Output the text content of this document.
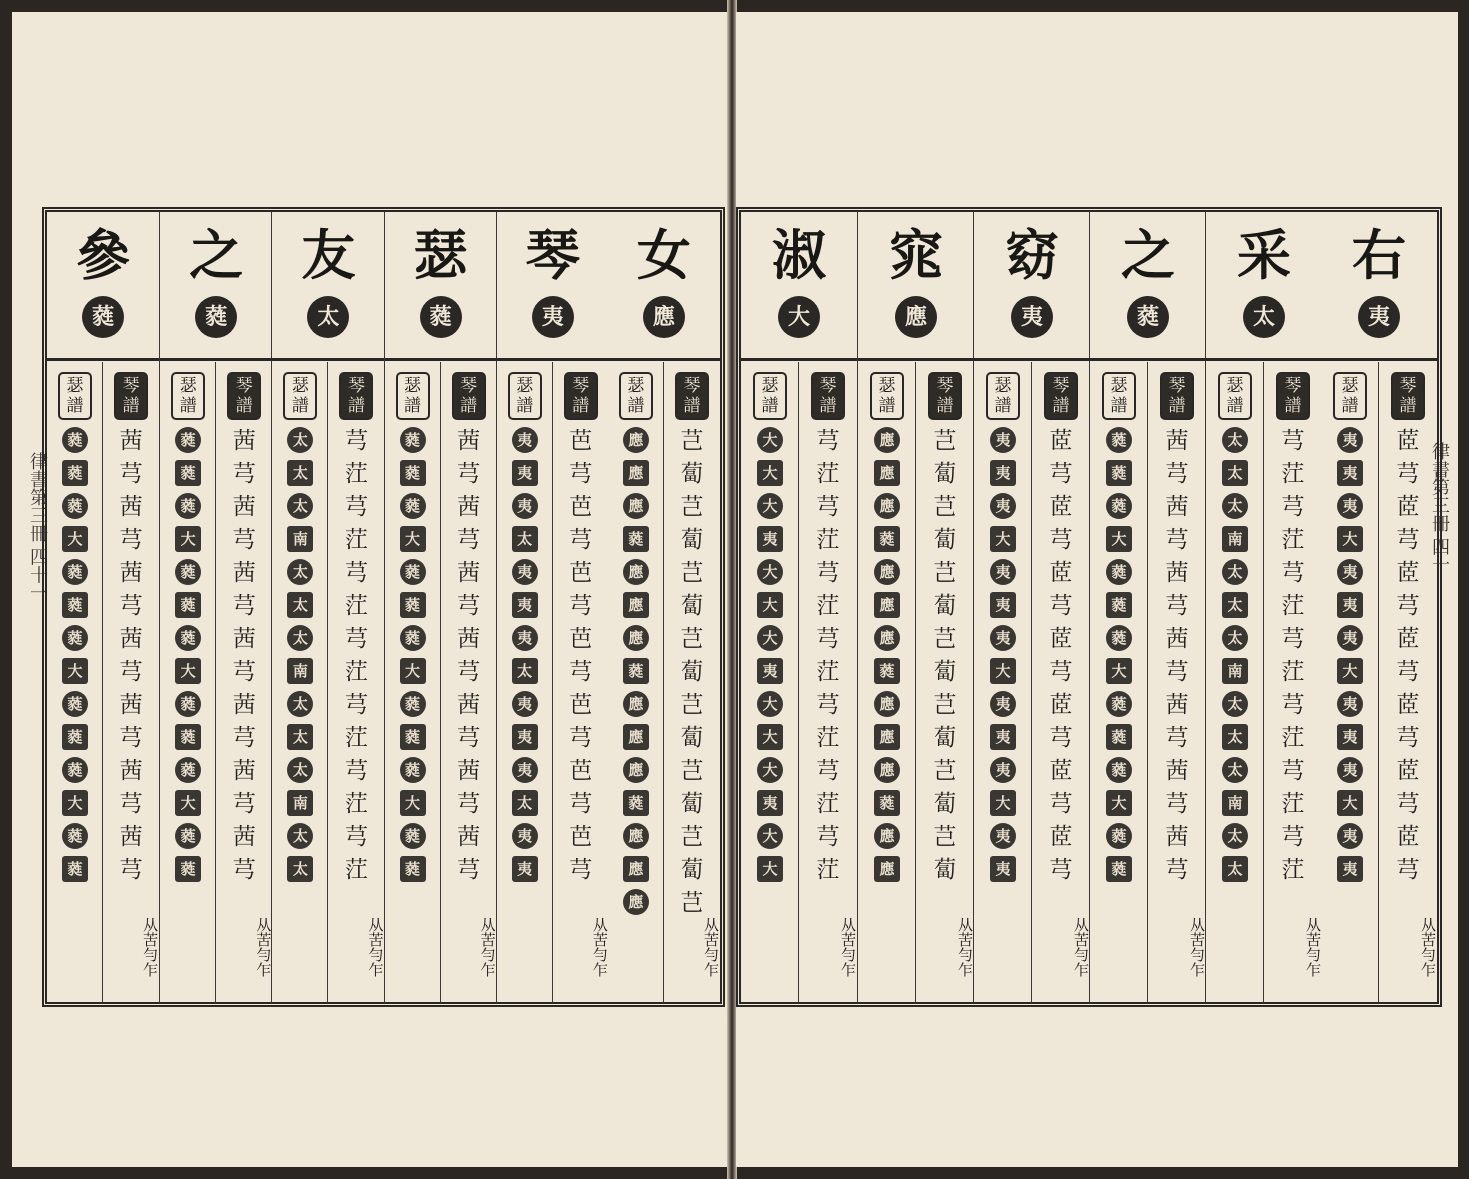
律書第三冊 四十一
女
應
瑟譜
應
應
應
蕤
應
應
應
蕤
應
應
應
蕤
應
應
應
琴譜
芑
蔔
芑
蔔
芑
蔔
芑
蔔
芑
蔔
芑
蔔
芑
蔔
芑
从苦勻乍
琴
夷
瑟譜
夷
夷
夷
太
夷
夷
夷
太
夷
夷
夷
太
夷
夷
琴譜
芭
芎
芭
芎
芭
芎
芭
芎
芭
芎
芭
芎
芭
芎
从苦勻乍
瑟
蕤
瑟譜
蕤
蕤
蕤
大
蕤
蕤
蕤
大
蕤
蕤
蕤
大
蕤
蕤
琴譜
茜
芎
茜
芎
茜
芎
茜
芎
茜
芎
茜
芎
茜
芎
从苦勻乍
友
太
瑟譜
太
太
太
南
太
太
太
南
太
太
太
南
太
太
琴譜
芎
茳
芎
茳
芎
茳
芎
茳
芎
茳
芎
茳
芎
茳
从苦勻乍
之
蕤
瑟譜
蕤
蕤
蕤
大
蕤
蕤
蕤
大
蕤
蕤
蕤
大
蕤
蕤
琴譜
茜
芎
茜
芎
茜
芎
茜
芎
茜
芎
茜
芎
茜
芎
从苦勻乍
參
蕤
瑟譜
蕤
蕤
蕤
大
蕤
蕤
蕤
大
蕤
蕤
蕤
大
蕤
蕤
琴譜
茜
芎
茜
芎
茜
芎
茜
芎
茜
芎
茜
芎
茜
芎
从苦勻乍
律書第三冊 四十
右
夷
瑟譜
夷
夷
夷
大
夷
夷
夷
大
夷
夷
夷
大
夷
夷
琴譜
茝
芎
茝
芎
茝
芎
茝
芎
茝
芎
茝
芎
茝
芎
从苦勻乍
采
太
瑟譜
太
太
太
南
太
太
太
南
太
太
太
南
太
太
琴譜
芎
茳
芎
茳
芎
茳
芎
茳
芎
茳
芎
茳
芎
茳
从苦勻乍
之
蕤
瑟譜
蕤
蕤
蕤
大
蕤
蕤
蕤
大
蕤
蕤
蕤
大
蕤
蕤
琴譜
茜
芎
茜
芎
茜
芎
茜
芎
茜
芎
茜
芎
茜
芎
从苦勻乍
窈
夷
瑟譜
夷
夷
夷
大
夷
夷
夷
大
夷
夷
夷
大
夷
夷
琴譜
茝
芎
茝
芎
茝
芎
茝
芎
茝
芎
茝
芎
茝
芎
从苦勻乍
窕
應
瑟譜
應
應
應
蕤
應
應
應
蕤
應
應
應
蕤
應
應
琴譜
芑
蔔
芑
蔔
芑
蔔
芑
蔔
芑
蔔
芑
蔔
芑
蔔
从苦勻乍
淑
大
瑟譜
大
大
大
夷
大
大
大
夷
大
大
大
夷
大
大
琴譜
芎
茳
芎
茳
芎
茳
芎
茳
芎
茳
芎
茳
芎
茳
从苦勻乍
